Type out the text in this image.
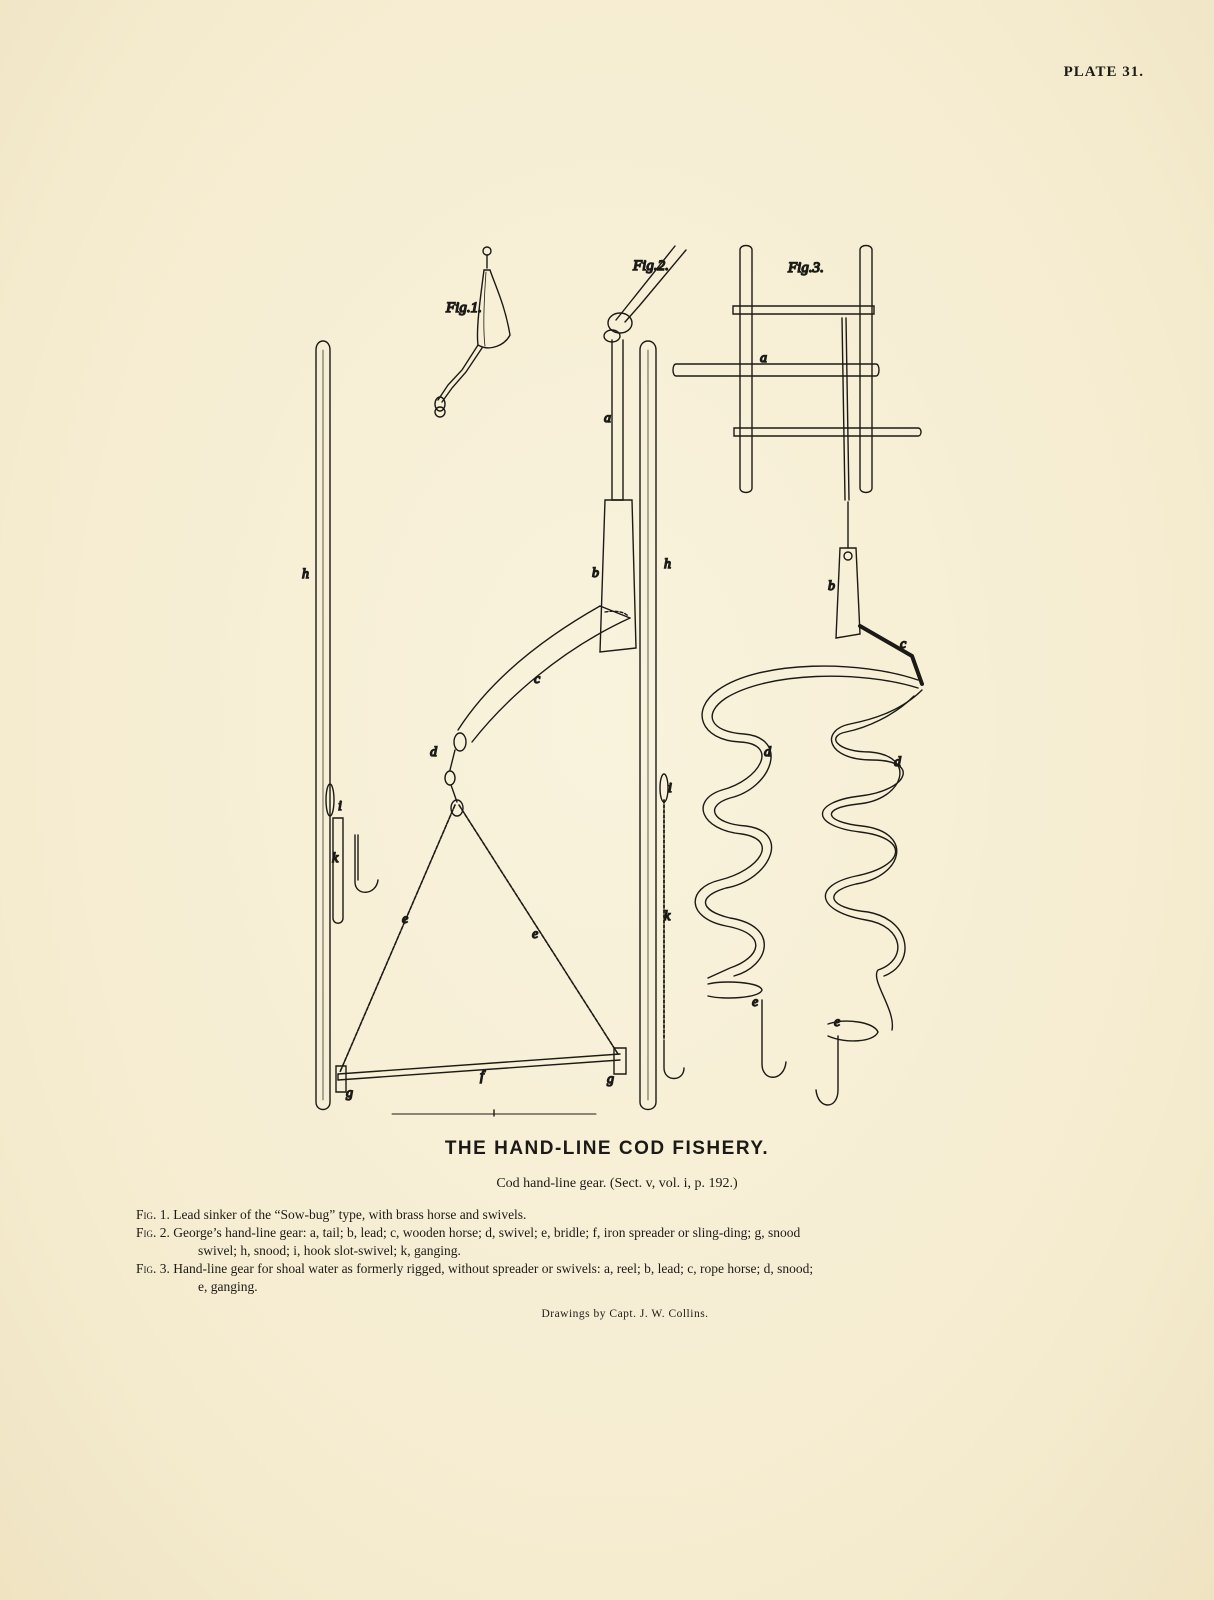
PLATE 31.
Fig.1.
Fig.2.
a
b
c
d
e
e
f
g
g
h
h
i
i
k
k
Fig.3.
a
b
c
d
d
e
e
THE HAND-LINE COD FISHERY.
Cod hand-line gear. (Sect. v, vol. i, p. 192.)

Fig. 1. Lead sinker of the “Sow-bug” type, with brass horse and swivels.

Fig. 2. George’s hand-line gear: a, tail; b, lead; c, wooden horse; d, swivel; e, bridle; f, iron spreader or sling-ding; g, snood
swivel; h, snood; i, hook slot-swivel; k, ganging.

Fig. 3. Hand-line gear for shoal water as formerly rigged, without spreader or swivels: a, reel; b, lead; c, rope horse; d, snood;
e, ganging.

Drawings by Capt. J. W. Collins.
